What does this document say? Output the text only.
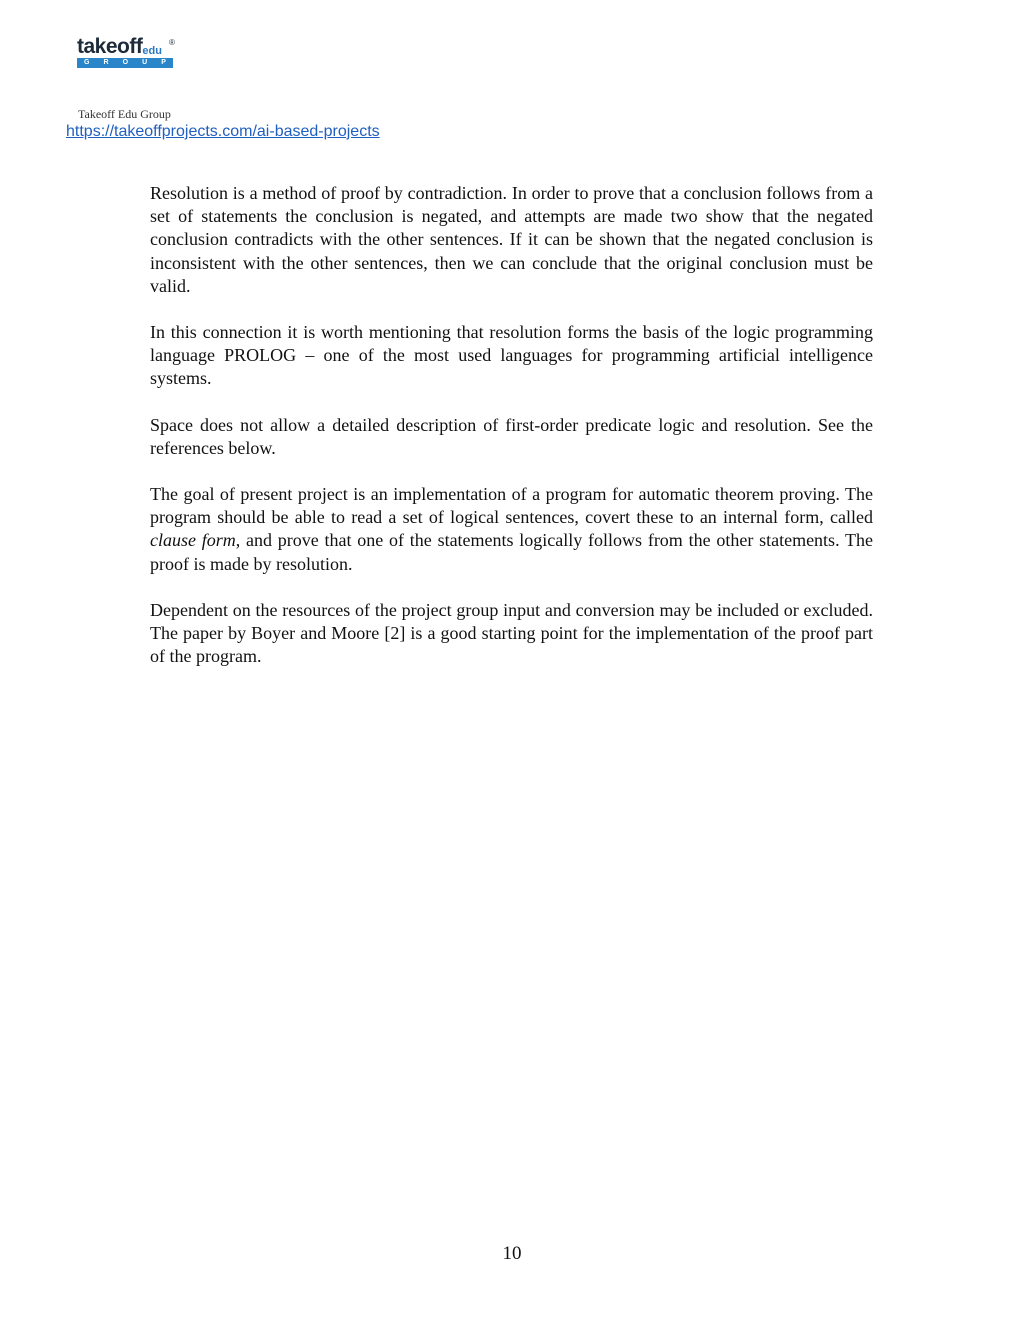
takeoffedu
®
G R O U P
Takeoff Edu Group
https://takeoffprojects.com/ai-based-projects

Resolution is a method of proof by contradiction. In order to prove that a conclusion follows from a set of statements the conclusion is negated, and attempts are made two show that the negated conclusion contradicts with the other sentences. If it can be shown that the negated conclusion is inconsistent with the other sentences, then we can conclude that the original conclusion must be valid.

In this connection it is worth mentioning that resolution forms the basis of the logic programming language PROLOG – one of the most used languages for programming artificial intelligence systems.

Space does not allow a detailed description of first-order predicate logic and resolution. See the references below.

The goal of present project is an implementation of a program for automatic theorem proving. The program should be able to read a set of logical sentences, covert these to an internal form, called clause form, and prove that one of the statements logically follows from the other statements. The proof is made by resolution.

Dependent on the resources of the project group input and conversion may be included or excluded. The paper by Boyer and Moore [2] is a good starting point for the implementation of the proof part of the program.

10
